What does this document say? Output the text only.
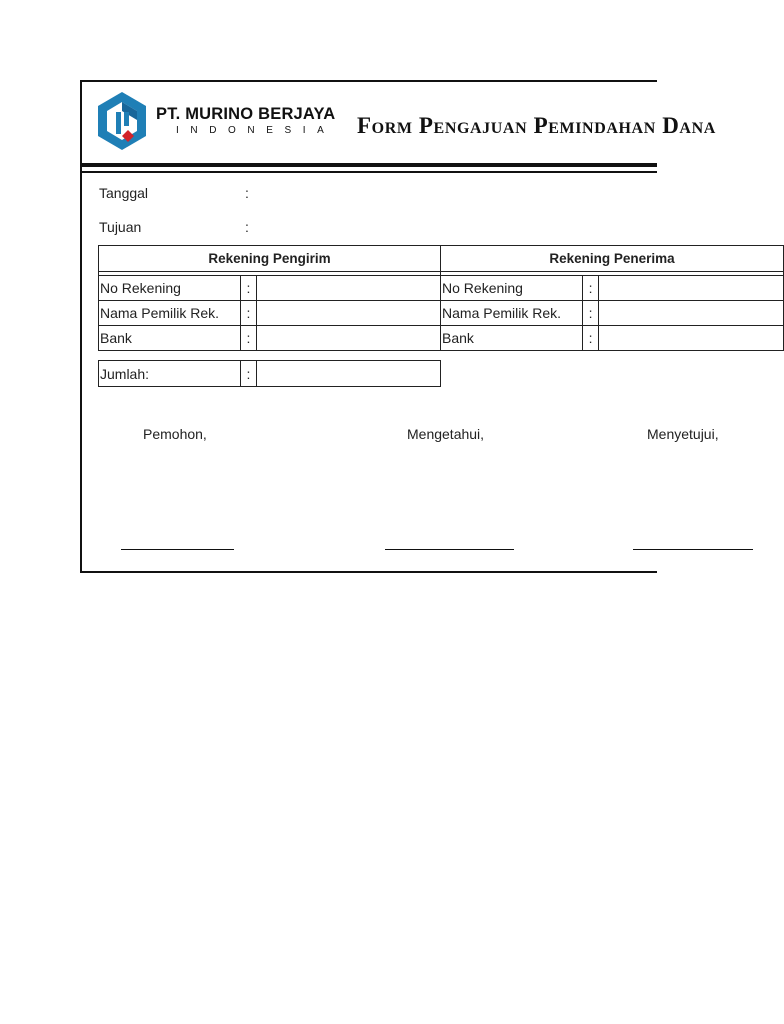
PT. MURINO BERJAYA
INDONESIA Form Pengajuan Pemindahan Dana
Tanggal	:
Tujuan	:
Rekening Pengirim			Rekening Penerima		

No Rekening	:		No Rekening	:	
Nama Pemilik Rek.	:		Nama Pemilik Rek.	:	
Bank	:		Bank	:	
Jumlah:	:	
Pemohon,	Mengetahui,	Menyetujui,
